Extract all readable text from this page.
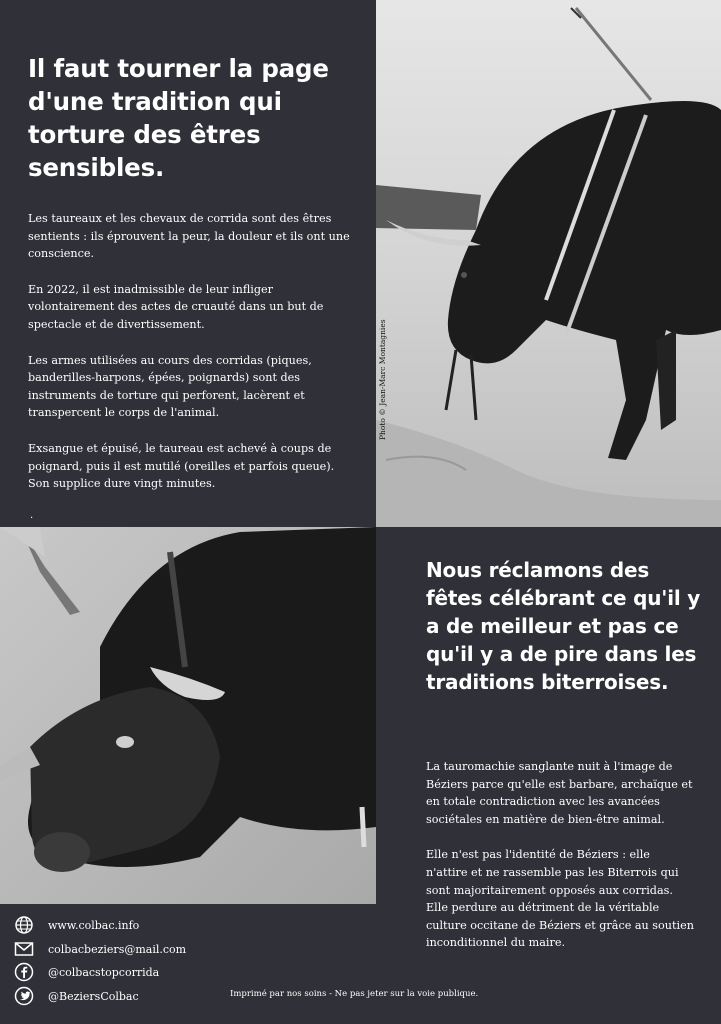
Il faut tourner la page d'une tradition qui torture des êtres sensibles.

Les taureaux et les chevaux de corrida sont des êtres sentients : ils éprouvent la peur, la douleur et ils ont une conscience.

En 2022, il est inadmissible de leur infliger volontairement des actes de cruauté dans un but de spectacle et de divertissement.

Les armes utilisées au cours des corridas (piques, banderilles-harpons, épées, poignards) sont des instruments de torture qui perforent, lacèrent et transpercent le corps de l'animal.

Exsangue et épuisé, le taureau est achevé à coups de poignard, puis il est mutilé (oreilles et parfois queue). Son supplice dure vingt minutes.

.
Photo © Jean-Marc Montagnies
Nous réclamons des fêtes célébrant ce qu'il y a de meilleur et pas ce qu'il y a de pire dans les traditions biterroises.

La tauromachie sanglante nuit à l'image de Béziers parce qu'elle est barbare, archaïque et en totale contradiction avec les avancées sociétales en matière de bien-être animal.

Elle n'est pas l'identité de Béziers : elle n'attire et ne rassemble pas les Biterrois qui sont majoritairement opposés aux corridas. Elle perdure au détriment de la véritable culture occitane de Béziers et grâce au soutien inconditionnel du maire.

www.colbac.info
colbacbeziers@mail.com
@colbacstopcorrida
@BeziersColbac	Imprimé par nos soins - Ne pas jeter sur la voie publique.
